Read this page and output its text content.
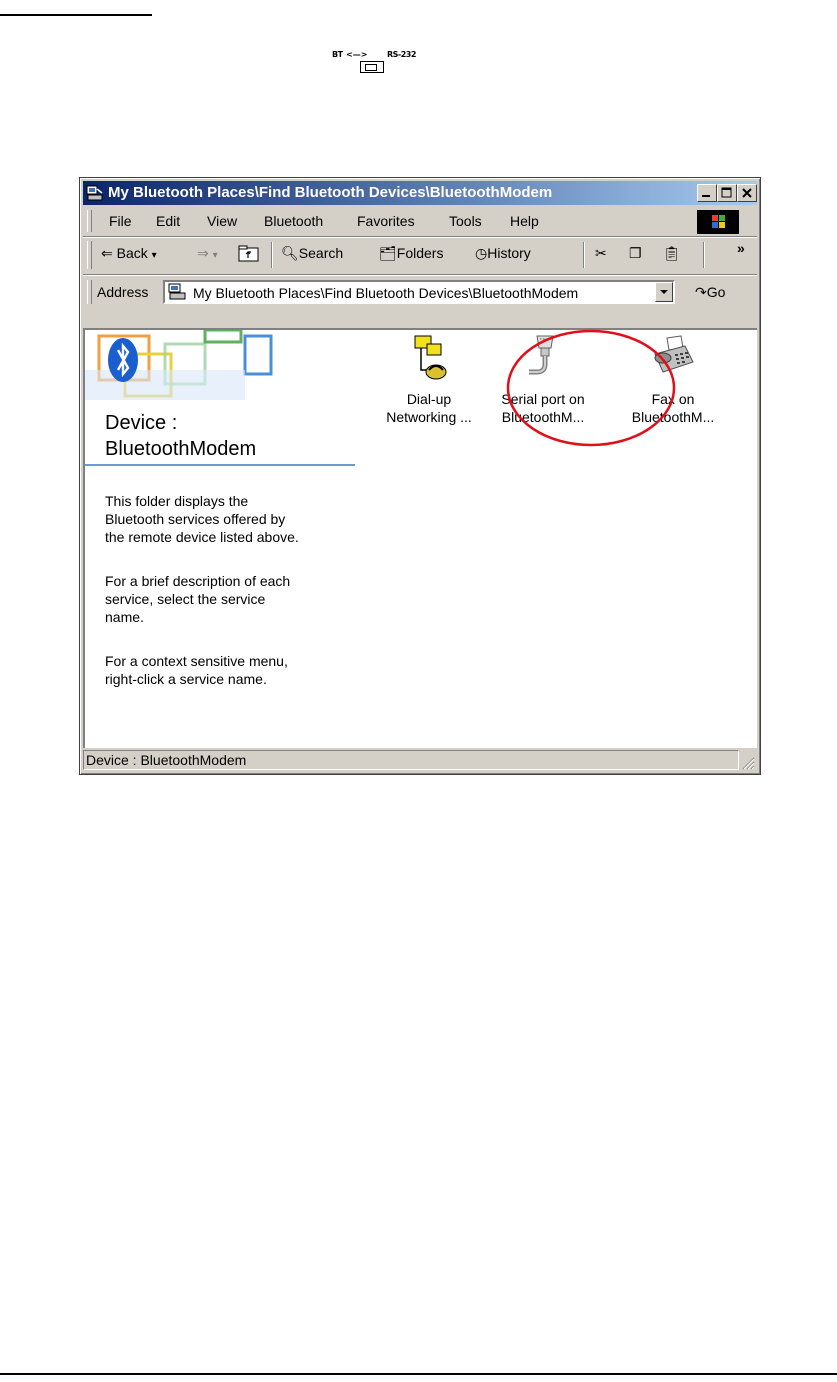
BT <—> RS-232
My Bluetooth Places\Find Bluetooth Devices\BluetoothModem
File Edit View Bluetooth Favorites Tools Help
⇐ Back ▾	⇒ ▾	🔍︎Search	🗂︎Folders ◷History	✂ ❐ 📋︎	»
Address	My Bluetooth Places\Find Bluetooth Devices\BluetoothModem	↷Go
Device :
BluetoothModem
This folder displays the
Bluetooth services offered by
the remote device listed above.
For a brief description of each
service, select the service
name.
For a context sensitive menu,
right-click a service name.
Dial-up
Networking ...
Serial port on
BluetoothM...
Fax on
BluetoothM...
Device : BluetoothModem
